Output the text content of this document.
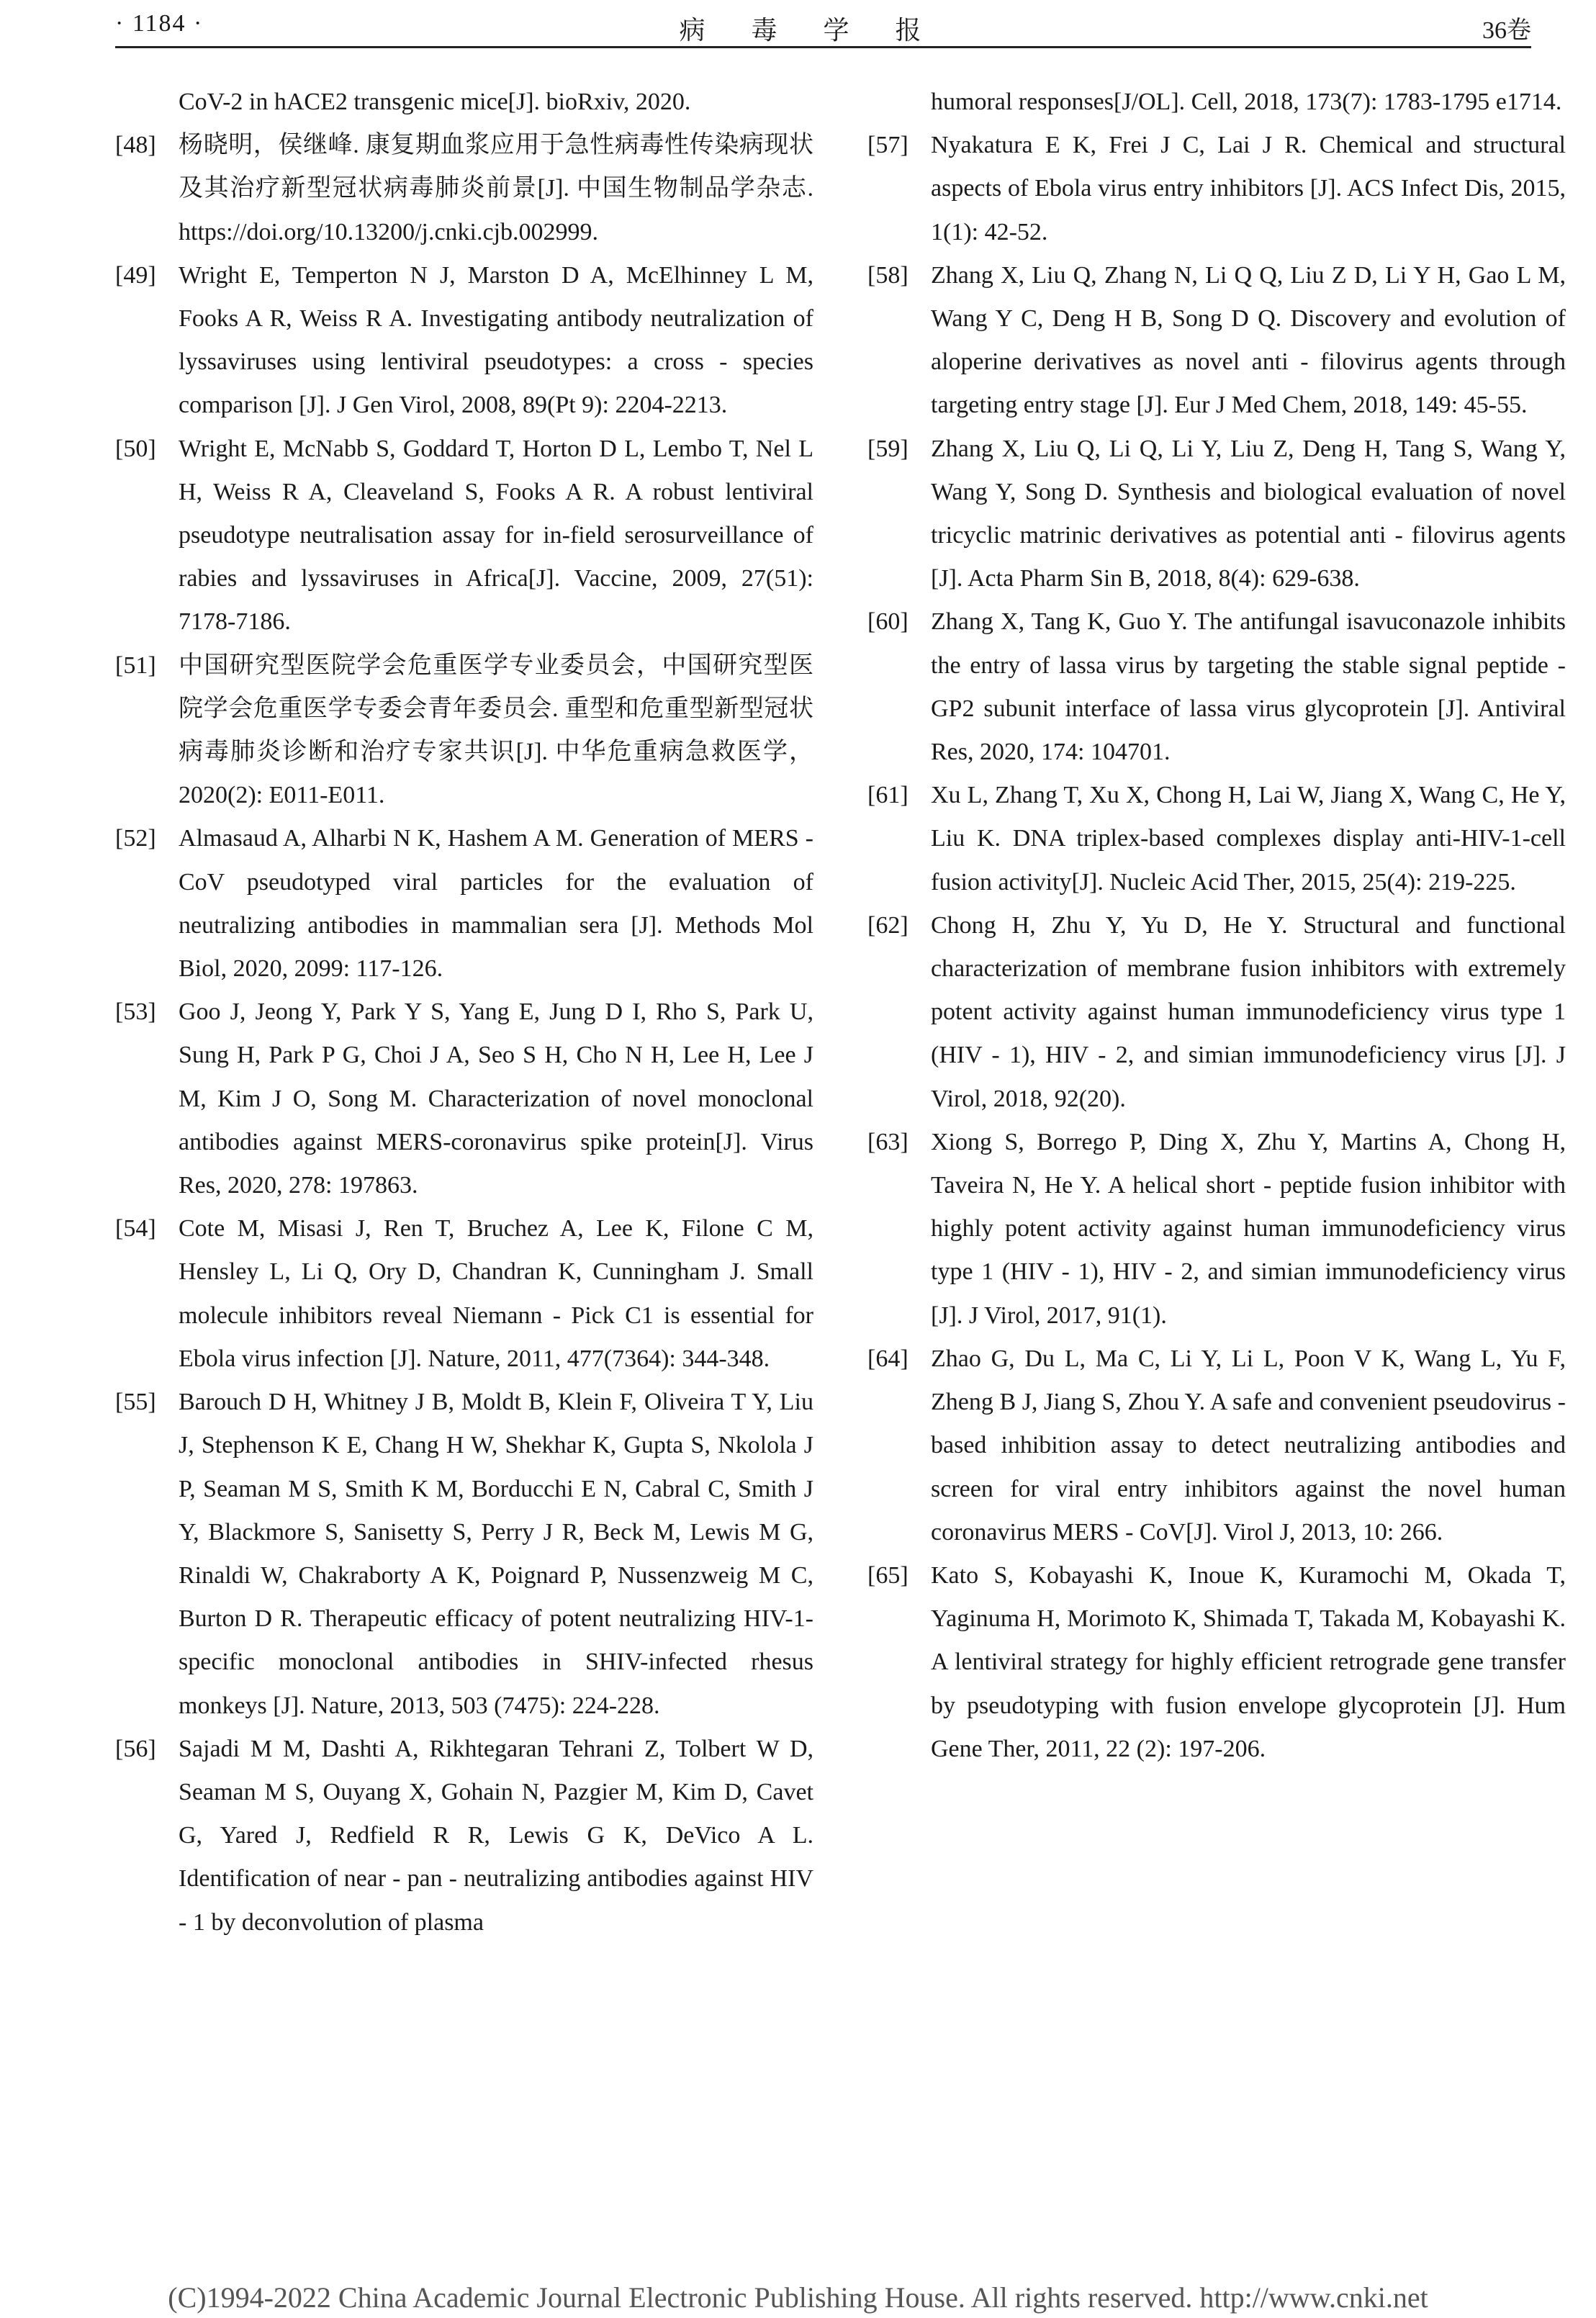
· 1184 ·	病毒学报	36卷
CoV-2 in hACE2 transgenic mice[J]. bioRxiv, 2020.
[48] 杨晓明，侯继峰. 康复期血浆应用于急性病毒性传染病现状及其治疗新型冠状病毒肺炎前景[J]. 中国生物制品学杂志. https://doi.org/10.13200/j.cnki.cjb.002999.
[49] Wright E, Temperton N J, Marston D A, McElhinney L M, Fooks A R, Weiss R A. Investigating antibody neutralization of lyssaviruses using lentiviral pseudotypes: a cross - species comparison [J]. J Gen Virol, 2008, 89(Pt 9): 2204-2213.
[50] Wright E, McNabb S, Goddard T, Horton D L, Lembo T, Nel L H, Weiss R A, Cleaveland S, Fooks A R. A robust lentiviral pseudotype neutralisation assay for in-field serosurveillance of rabies and lyssaviruses in Africa[J]. Vaccine, 2009, 27(51): 7178-7186.
[51] 中国研究型医院学会危重医学专业委员会，中国研究型医院学会危重医学专委会青年委员会. 重型和危重型新型冠状病毒肺炎诊断和治疗专家共识[J]. 中华危重病急救医学，2020(2): E011-E011.
[52] Almasaud A, Alharbi N K, Hashem A M. Generation of MERS - CoV pseudotyped viral particles for the evaluation of neutralizing antibodies in mammalian sera [J]. Methods Mol Biol, 2020, 2099: 117-126.
[53] Goo J, Jeong Y, Park Y S, Yang E, Jung D I, Rho S, Park U, Sung H, Park P G, Choi J A, Seo S H, Cho N H, Lee H, Lee J M, Kim J O, Song M. Characterization of novel monoclonal antibodies against MERS-coronavirus spike protein[J]. Virus Res, 2020, 278: 197863.
[54] Cote M, Misasi J, Ren T, Bruchez A, Lee K, Filone C M, Hensley L, Li Q, Ory D, Chandran K, Cunningham J. Small molecule inhibitors reveal Niemann - Pick C1 is essential for Ebola virus infection [J]. Nature, 2011, 477(7364): 344-348.
[55] Barouch D H, Whitney J B, Moldt B, Klein F, Oliveira T Y, Liu J, Stephenson K E, Chang H W, Shekhar K, Gupta S, Nkolola J P, Seaman M S, Smith K M, Borducchi E N, Cabral C, Smith J Y, Blackmore S, Sanisetty S, Perry J R, Beck M, Lewis M G, Rinaldi W, Chakraborty A K, Poignard P, Nussenzweig M C, Burton D R. Therapeutic efficacy of potent neutralizing HIV-1-specific monoclonal antibodies in SHIV-infected rhesus monkeys [J]. Nature, 2013, 503 (7475): 224-228.
[56] Sajadi M M, Dashti A, Rikhtegaran Tehrani Z, Tolbert W D, Seaman M S, Ouyang X, Gohain N, Pazgier M, Kim D, Cavet G, Yared J, Redfield R R, Lewis G K, DeVico A L. Identification of near - pan - neutralizing antibodies against HIV - 1 by deconvolution of plasma
humoral responses[J/OL]. Cell, 2018, 173(7): 1783-1795 e1714.
[57] Nyakatura E K, Frei J C, Lai J R. Chemical and structural aspects of Ebola virus entry inhibitors [J]. ACS Infect Dis, 2015, 1(1): 42-52.
[58] Zhang X, Liu Q, Zhang N, Li Q Q, Liu Z D, Li Y H, Gao L M, Wang Y C, Deng H B, Song D Q. Discovery and evolution of aloperine derivatives as novel anti - filovirus agents through targeting entry stage [J]. Eur J Med Chem, 2018, 149: 45-55.
[59] Zhang X, Liu Q, Li Q, Li Y, Liu Z, Deng H, Tang S, Wang Y, Wang Y, Song D. Synthesis and biological evaluation of novel tricyclic matrinic derivatives as potential anti - filovirus agents [J]. Acta Pharm Sin B, 2018, 8(4): 629-638.
[60] Zhang X, Tang K, Guo Y. The antifungal isavuconazole inhibits the entry of lassa virus by targeting the stable signal peptide - GP2 subunit interface of lassa virus glycoprotein [J]. Antiviral Res, 2020, 174: 104701.
[61] Xu L, Zhang T, Xu X, Chong H, Lai W, Jiang X, Wang C, He Y, Liu K. DNA triplex-based complexes display anti-HIV-1-cell fusion activity[J]. Nucleic Acid Ther, 2015, 25(4): 219-225.
[62] Chong H, Zhu Y, Yu D, He Y. Structural and functional characterization of membrane fusion inhibitors with extremely potent activity against human immunodeficiency virus type 1 (HIV - 1), HIV - 2, and simian immunodeficiency virus [J]. J Virol, 2018, 92(20).
[63] Xiong S, Borrego P, Ding X, Zhu Y, Martins A, Chong H, Taveira N, He Y. A helical short - peptide fusion inhibitor with highly potent activity against human immunodeficiency virus type 1 (HIV - 1), HIV - 2, and simian immunodeficiency virus [J]. J Virol, 2017, 91(1).
[64] Zhao G, Du L, Ma C, Li Y, Li L, Poon V K, Wang L, Yu F, Zheng B J, Jiang S, Zhou Y. A safe and convenient pseudovirus - based inhibition assay to detect neutralizing antibodies and screen for viral entry inhibitors against the novel human coronavirus MERS - CoV[J]. Virol J, 2013, 10: 266.
[65] Kato S, Kobayashi K, Inoue K, Kuramochi M, Okada T, Yaginuma H, Morimoto K, Shimada T, Takada M, Kobayashi K. A lentiviral strategy for highly efficient retrograde gene transfer by pseudotyping with fusion envelope glycoprotein [J]. Hum Gene Ther, 2011, 22 (2): 197-206.
(C)1994-2022 China Academic Journal Electronic Publishing House. All rights reserved. http://www.cnki.net
